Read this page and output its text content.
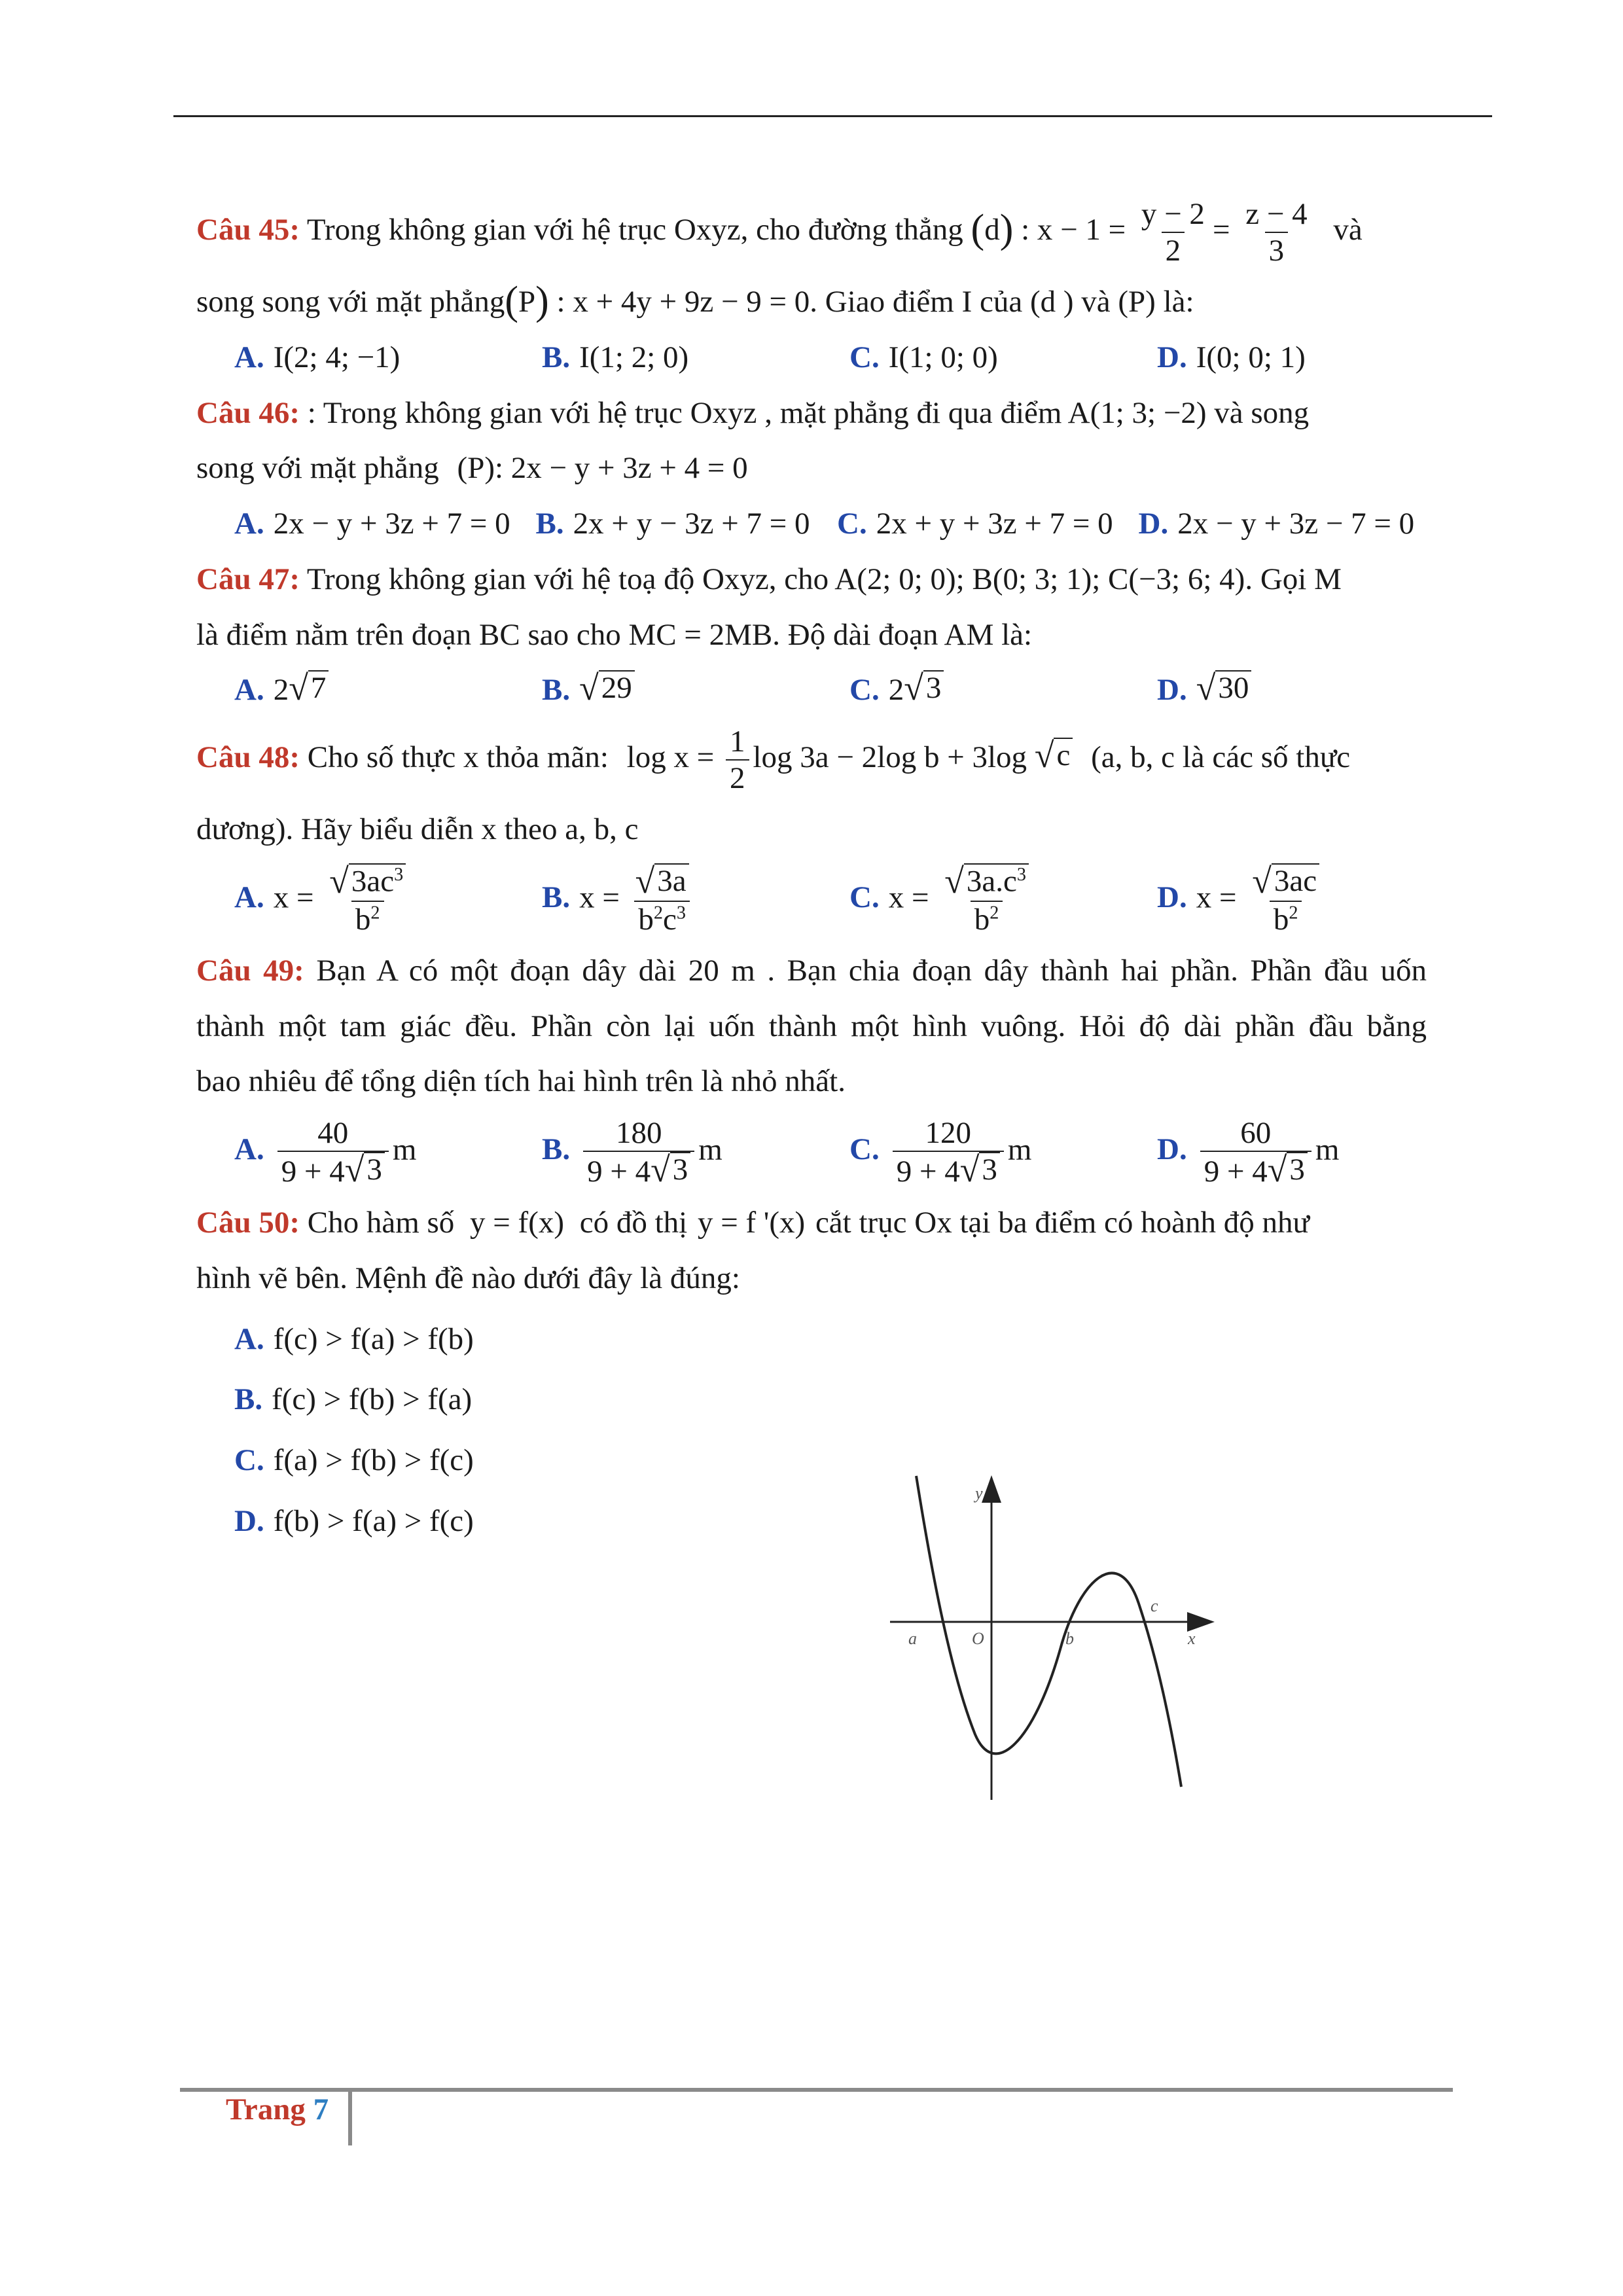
Câu 45: Trong không gian với hệ trục Oxyz, cho đường thẳng (d) : $x - 1 = \frac{y - 2}{2} = \frac{z - 4}{3}$ và
song song với mặt phẳng(P) : x + 4y + 9z − 9 = 0. Giao điểm I của (d ) và (P) là:
A. I(2; 4; −1)	B. I(1; 2; 0)	C. I(1; 0; 0)	D. I(0; 0; 1)
Câu 46: : Trong không gian với hệ trục Oxyz , mặt phẳng đi qua điểm A(1; 3; −2) và song
song với mặt phẳng (P): 2x − y + 3z + 4 = 0
A. 2x − y + 3z + 7 = 0 B. 2x + y − 3z + 7 = 0 C. 2x + y + 3z + 7 = 0 D. 2x − y + 3z − 7 = 0
Câu 47: Trong không gian với hệ toạ độ Oxyz, cho A(2; 0; 0); B(0; 3; 1); C(−3; 6; 4). Gọi M
là điểm nằm trên đoạn BC sao cho MC = 2MB. Độ dài đoạn AM là:
A. 2 √ 7	B. √ 29	C. 2 √ 3	D. √ 30
Câu 48: Cho số thực x thỏa mãn: $\log x = \frac{1}{2}$ log 3a − 2log b + 3log √ c (a, b, c là các số thực
dương). Hãy biểu diễn x theo a, b, c
A. $x = \frac{√ 3ac^3}{b^2}$	B. $x = \frac{√ 3a}{b^2c^3}$	C. $x = \frac{√ 3a.c^3}{b^2}$	D. $x = \frac{√ 3ac}{b^2}$
Câu 49: Bạn A có một đoạn dây dài 20 m . Bạn chia đoạn dây thành hai phần. Phần đầu uốn
thành một tam giác đều. Phần còn lại uốn thành một hình vuông. Hỏi độ dài phần đầu bằng
bao nhiêu để tổng diện tích hai hình trên là nhỏ nhất.
A. $\frac{40}{9 + 4 √ 3}$ m	B. $\frac{180}{9 + 4 √ 3}$ m	C. $\frac{120}{9 + 4 √ 3}$ m	D. $\frac{60}{9 + 4 √ 3}$ m
Câu 50: Cho hàm số y = f(x) có đồ thị y = f '(x) cắt trục Ox tại ba điểm có hoành độ như
hình vẽ bên. Mệnh đề nào dưới đây là đúng:
A. f(c) > f(a) > f(b)
B. f(c) > f(b) > f(a)
C. f(a) > f(b) > f(c)
D. f(b) > f(a) > f(c)
y
x
O
a	b
c
Trang 7
